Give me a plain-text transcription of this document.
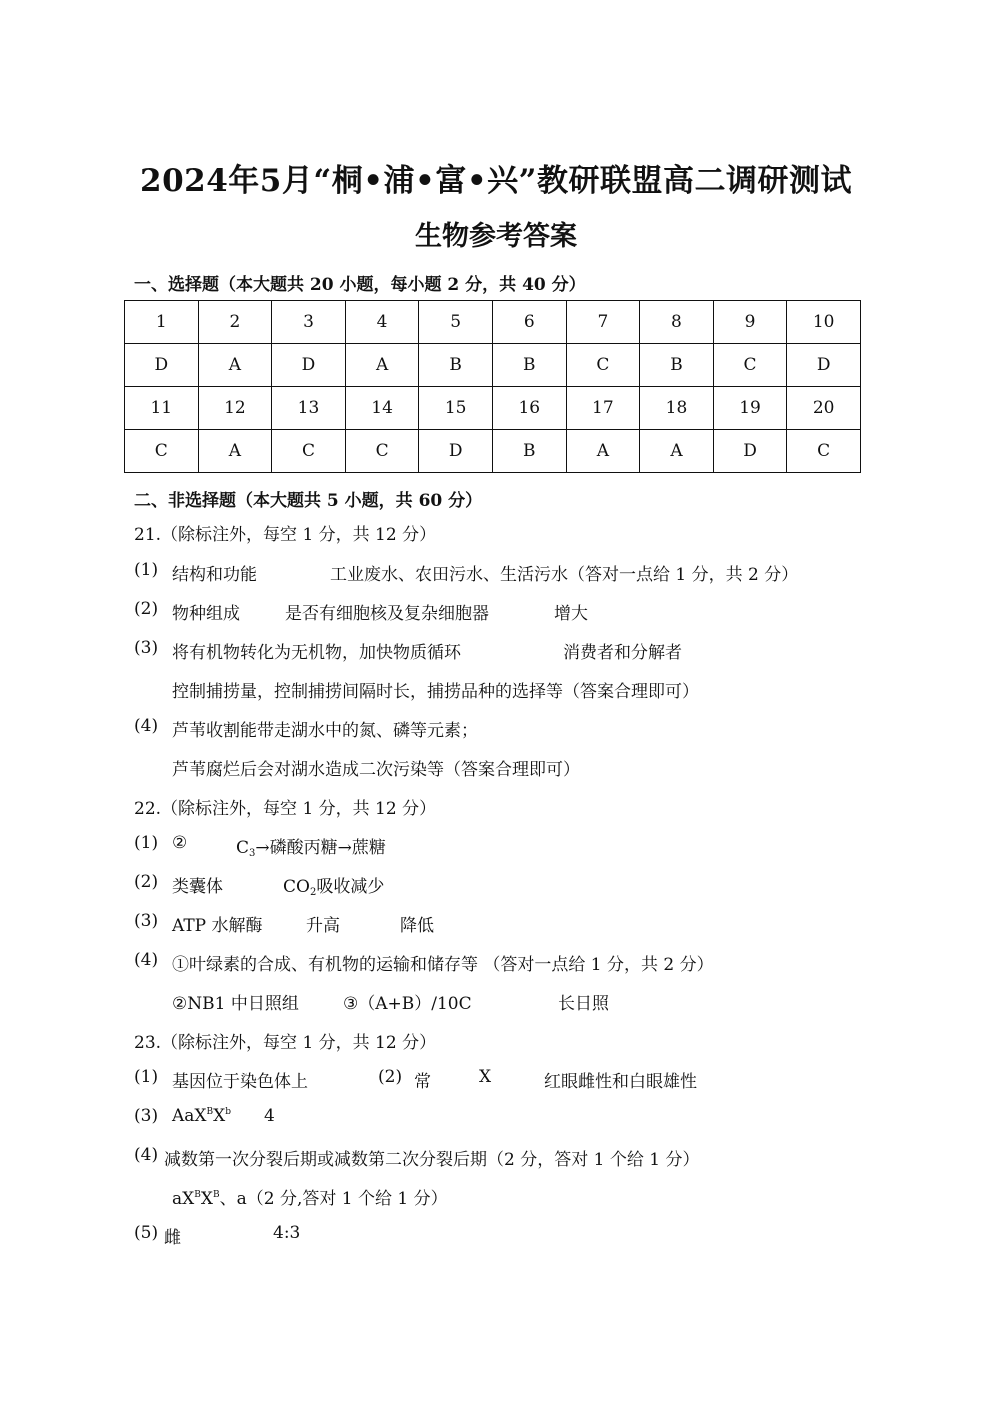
2024年5月“桐•浦•富•兴”教研联盟高二调研测试
生物参考答案
一、选择题（本大题共 20 小题，每小题 2 分，共 40 分）
1	2	3	4	5	6	7	8	9	10
D	A	D	A	B	B	C	B	C	D
11	12	13	14	15	16	17	18	19	20
C	A	C	C	D	B	A	A	D	C
二、非选择题（本大题共 5 小题，共 60 分）
21.（除标注外，每空 1 分，共 12 分）
(1) 结构和功能	工业废水、农田污水、生活污水（答对一点给 1 分，共 2 分）
(2) 物种组成	是否有细胞核及复杂细胞器	增大
(3) 将有机物转化为无机物，加快物质循环	消费者和分解者
控制捕捞量，控制捕捞间隔时长，捕捞品种的选择等（答案合理即可）
(4) 芦苇收割能带走湖水中的氮、磷等元素；
芦苇腐烂后会对湖水造成二次污染等（答案合理即可）
22.（除标注外，每空 1 分，共 12 分）
(1) ②	$C_3\to$磷酸丙糖→蔗糖
(2) 类囊体	$CO_2$吸收减少
(3) ATP 水解酶	升高	降低
(4) ①叶绿素的合成、有机物的运输和储存等 （答对一点给 1 分，共 2 分）
②NB1 中日照组	③（A+B）/10C	长日照
23.（除标注外，每空 1 分，共 12 分）
(1) 基因位于染色体上	(2) 常	X	红眼雌性和白眼雄性
(3) $AaX^BX^b$ 4
(4) 减数第一次分裂后期或减数第二次分裂后期（2 分，答对 1 个给 1 分）
$aX^BX^B$、a（2 分,答对 1 个给 1 分）
(5) 雌	4:3
